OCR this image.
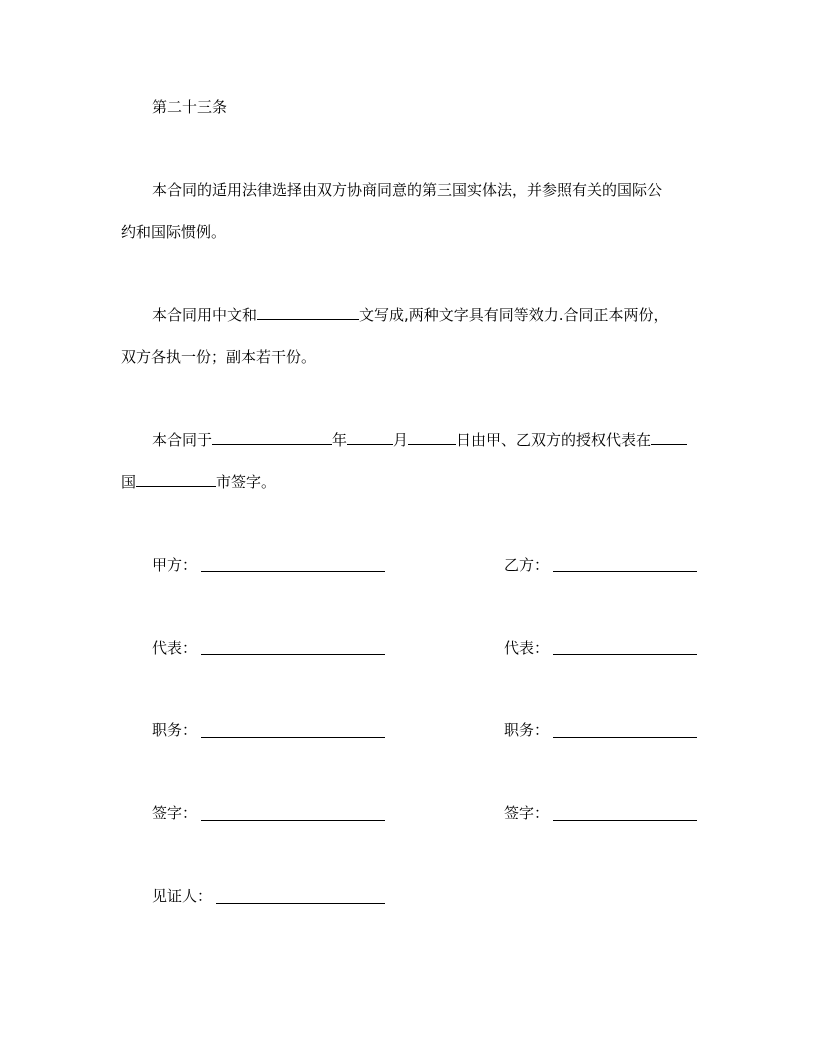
第二十三条
本合同的适用法律选择由双方协商同意的第三国实体法，并参照有关的国际公
约和国际惯例。
本合同用中文和	文写成,两种文字具有同等效力.合同正本两份，
双方各执一份；副本若干份。
本合同于	年	月	日由甲、乙双方的授权代表在
国	市签字。
甲方：	乙方：
代表：	代表：
职务：	职务：
签字：	签字：
见证人：
